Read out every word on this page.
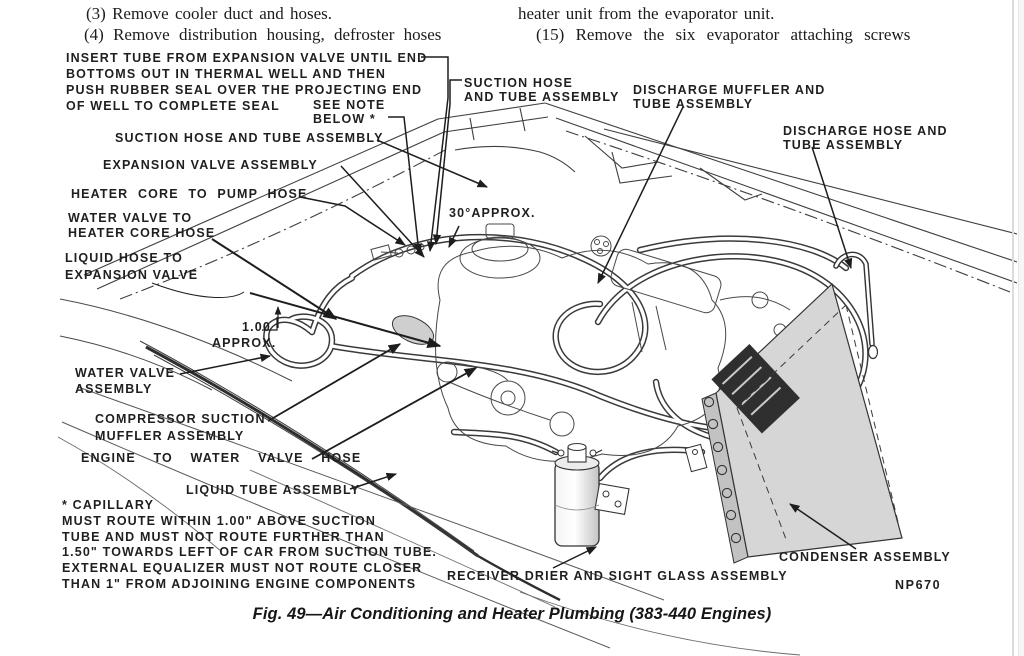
(3) Remove cooler duct and hoses.
(4) Remove distribution housing, defroster hoses
heater unit from the evaporator unit.
(15) Remove the six evaporator attaching screws
INSERT TUBE FROM EXPANSION VALVE UNTIL END
BOTTOMS OUT IN THERMAL WELL AND THEN
PUSH RUBBER SEAL OVER THE PROJECTING END
OF WELL TO COMPLETE SEAL	SEE NOTE
BELOW *
SUCTION HOSE
AND TUBE ASSEMBLY DISCHARGE MUFFLER AND
TUBE ASSEMBLY
DISCHARGE HOSE AND
TUBE ASSEMBLY
SUCTION HOSE AND TUBE ASSEMBLY
EXPANSION VALVE ASSEMBLY
HEATER CORE TO PUMP HOSE
WATER VALVE TO
HEATER CORE HOSE
LIQUID HOSE TO
EXPANSION VALVE
1.00
APPROX.
30°APPROX.
WATER VALVE
ASSEMBLY
COMPRESSOR SUCTION
MUFFLER ASSEMBLY
ENGINE TO WATER VALVE HOSE
LIQUID TUBE ASSEMBLY
* CAPILLARY
MUST ROUTE WITHIN 1.00" ABOVE SUCTION
TUBE AND MUST NOT ROUTE FURTHER THAN
1.50" TOWARDS LEFT OF CAR FROM SUCTION TUBE.
EXTERNAL EQUALIZER MUST NOT ROUTE CLOSER
THAN 1" FROM ADJOINING ENGINE COMPONENTS
RECEIVER DRIER AND SIGHT GLASS ASSEMBLY
CONDENSER ASSEMBLY
NP670
Fig. 49—Air Conditioning and Heater Plumbing (383-440 Engines)
